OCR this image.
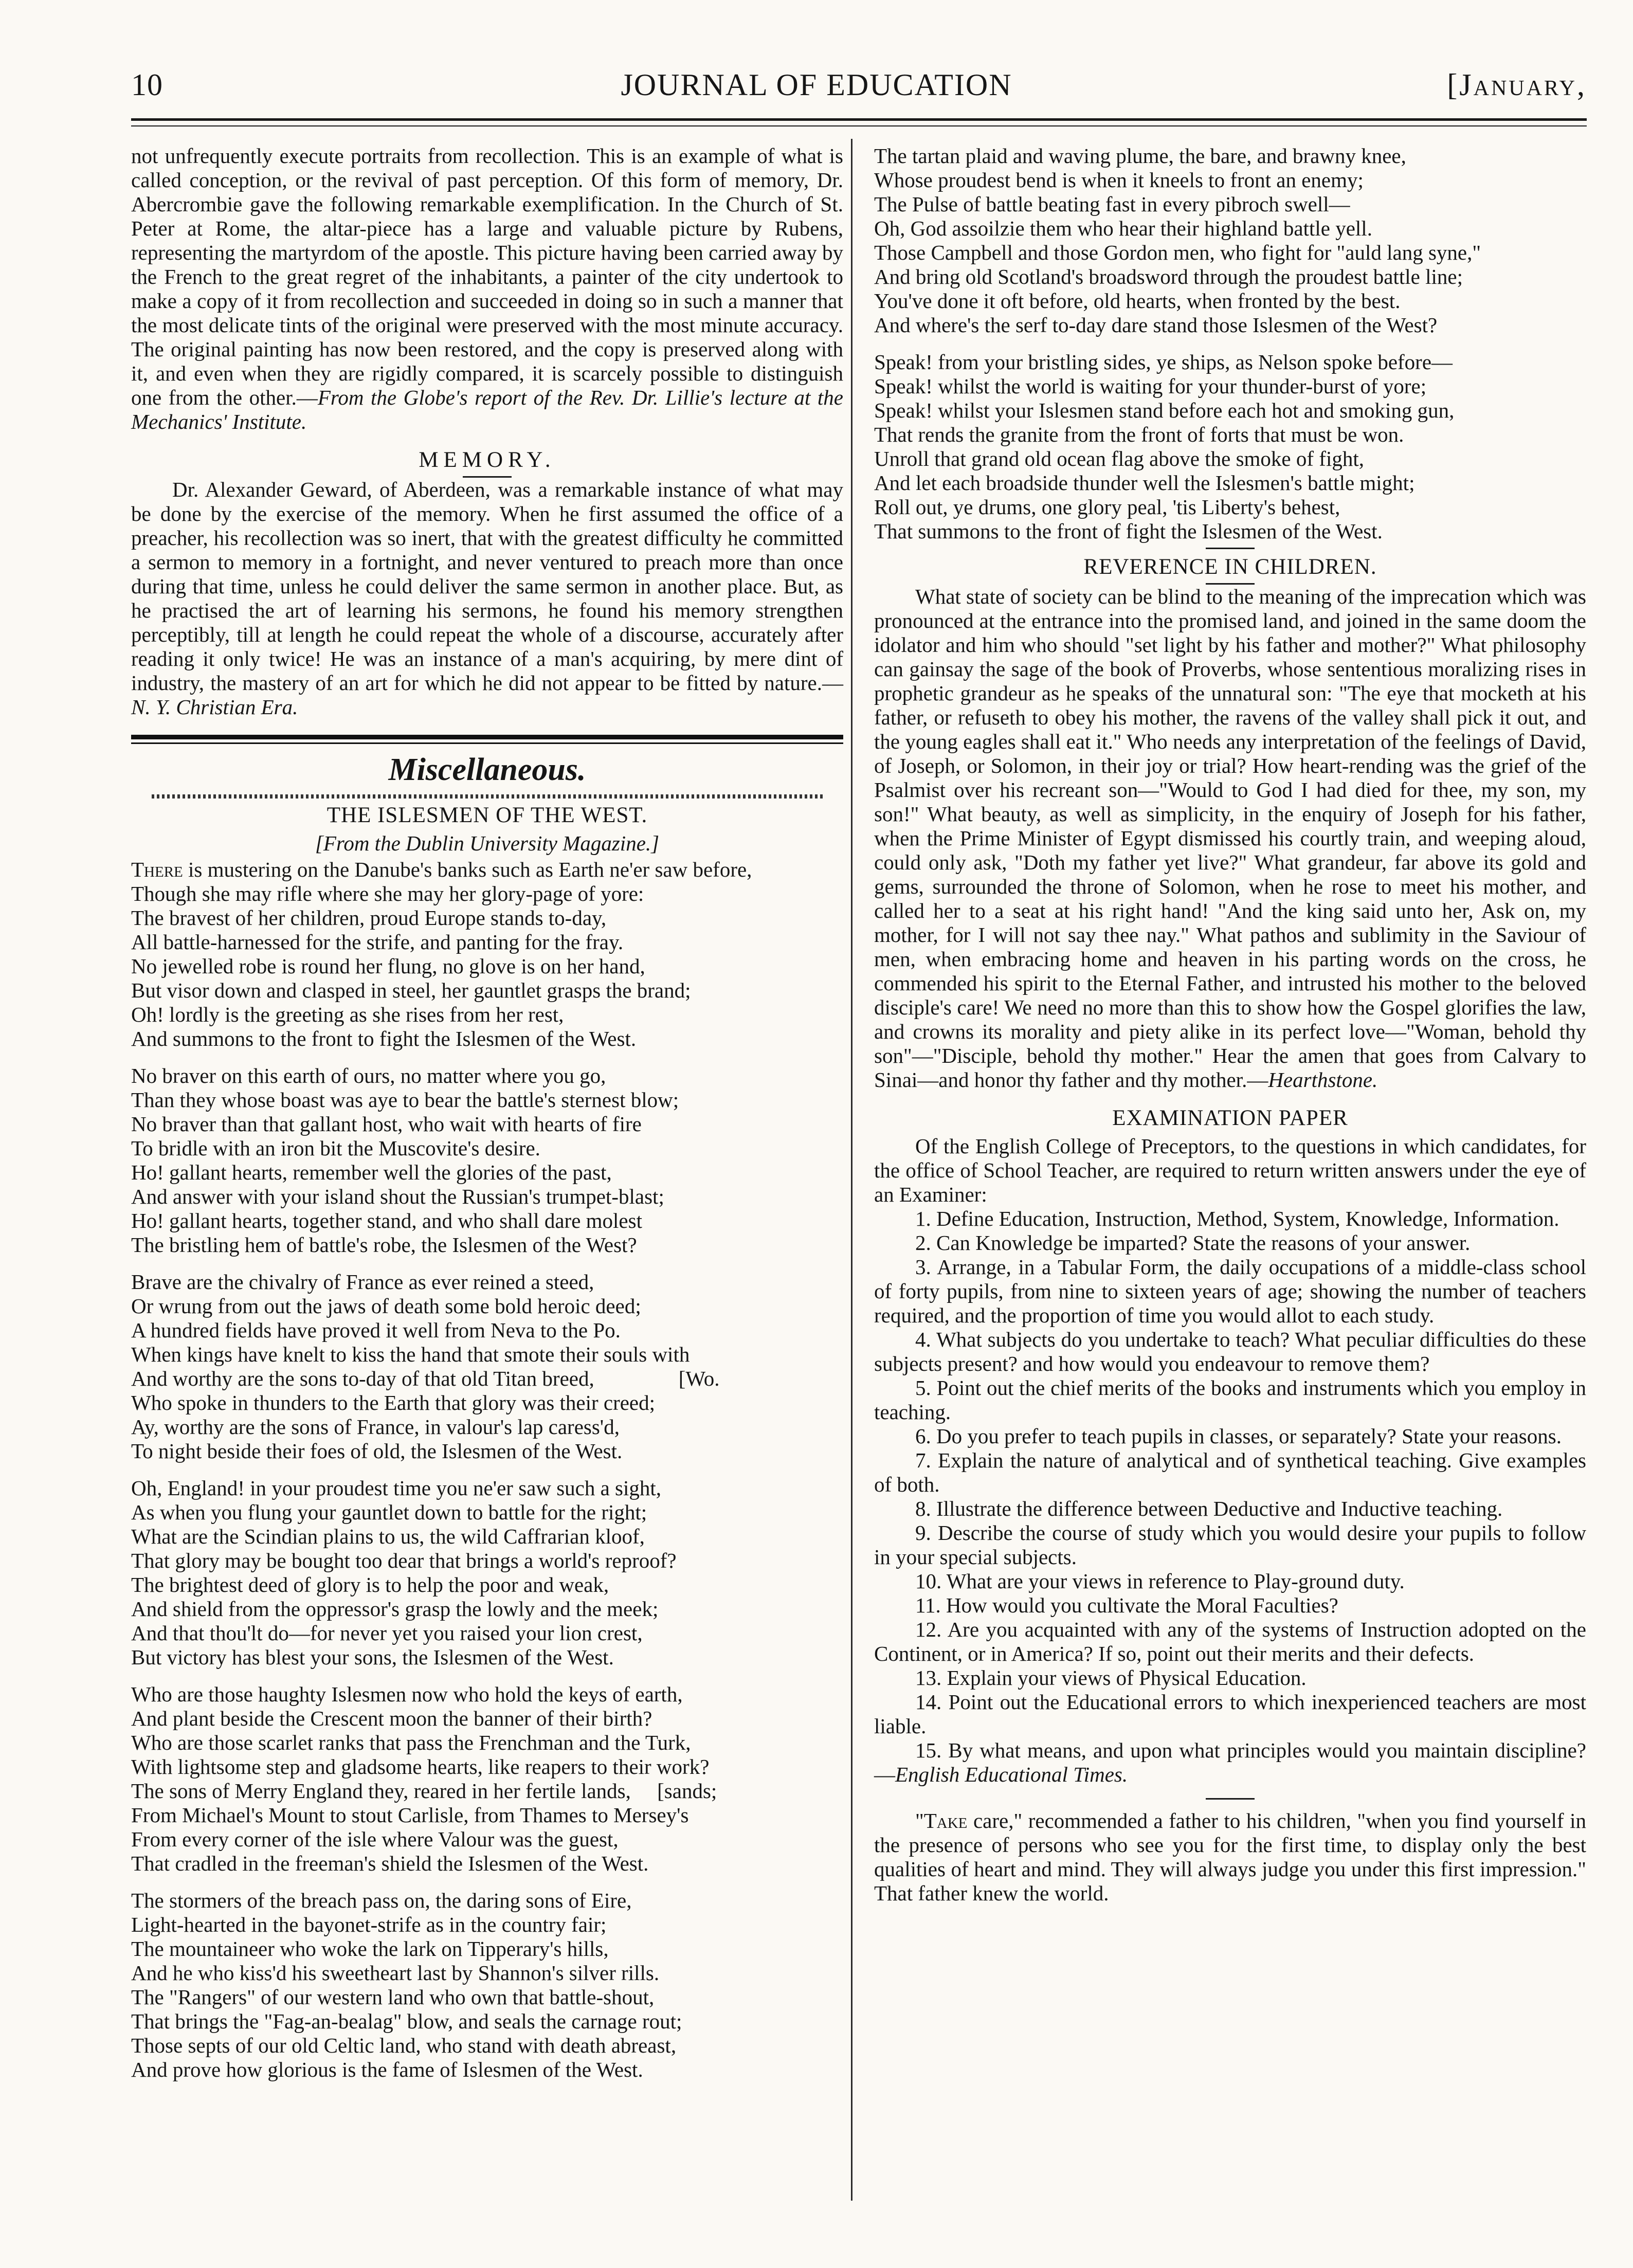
10	JOURNAL OF EDUCATION	[January,

not unfrequently execute portraits from recollection. This is an example of what is called conception, or the revival of past perception. Of this form of memory, Dr. Abercrombie gave the following remarkable exemplification. In the Church of St. Peter at Rome, the altar-piece has a large and valuable picture by Rubens, representing the martyrdom of the apostle. This picture having been carried away by the French to the great regret of the inhabitants, a painter of the city undertook to make a copy of it from recollection and succeeded in doing so in such a manner that the most delicate tints of the original were preserved with the most minute accuracy. The original painting has now been restored, and the copy is preserved along with it, and even when they are rigidly compared, it is scarcely possible to distinguish one from the other.—From the Globe's report of the Rev. Dr. Lillie's lecture at the Mechanics' Institute.

MEMORY.

Dr. Alexander Geward, of Aberdeen, was a remarkable instance of what may be done by the exercise of the memory. When he first assumed the office of a preacher, his recollection was so inert, that with the greatest difficulty he committed a sermon to memory in a fortnight, and never ventured to preach more than once during that time, unless he could deliver the same sermon in another place. But, as he practised the art of learning his sermons, he found his memory strengthen perceptibly, till at length he could repeat the whole of a discourse, accurately after reading it only twice! He was an instance of a man's acquiring, by mere dint of industry, the mastery of an art for which he did not appear to be fitted by nature.—N. Y. Christian Era.

Miscellaneous.
THE ISLESMEN OF THE WEST.
[From the Dublin University Magazine.]
There is mustering on the Danube's banks such as Earth ne'er saw before,
Though she may rifle where she may her glory-page of yore:
The bravest of her children, proud Europe stands to-day,
All battle-harnessed for the strife, and panting for the fray.
No jewelled robe is round her flung, no glove is on her hand,
But visor down and clasped in steel, her gauntlet grasps the brand;
Oh! lordly is the greeting as she rises from her rest,
And summons to the front to fight the Islesmen of the West.
No braver on this earth of ours, no matter where you go,
Than they whose boast was aye to bear the battle's sternest blow;
No braver than that gallant host, who wait with hearts of fire
To bridle with an iron bit the Muscovite's desire.
Ho! gallant hearts, remember well the glories of the past,
And answer with your island shout the Russian's trumpet-blast;
Ho! gallant hearts, together stand, and who shall dare molest
The bristling hem of battle's robe, the Islesmen of the West?
Brave are the chivalry of France as ever reined a steed,
Or wrung from out the jaws of death some bold heroic deed;
A hundred fields have proved it well from Neva to the Po.
When kings have knelt to kiss the hand that smote their souls with
And worthy are the sons to-day of that old Titan breed,                [Wo.
Who spoke in thunders to the Earth that glory was their creed;
Ay, worthy are the sons of France, in valour's lap caress'd,
To night beside their foes of old, the Islesmen of the West.
Oh, England! in your proudest time you ne'er saw such a sight,
As when you flung your gauntlet down to battle for the right;
What are the Scindian plains to us, the wild Caffrarian kloof,
That glory may be bought too dear that brings a world's reproof?
The brightest deed of glory is to help the poor and weak,
And shield from the oppressor's grasp the lowly and the meek;
And that thou'lt do—for never yet you raised your lion crest,
But victory has blest your sons, the Islesmen of the West.
Who are those haughty Islesmen now who hold the keys of earth,
And plant beside the Crescent moon the banner of their birth?
Who are those scarlet ranks that pass the Frenchman and the Turk,
With lightsome step and gladsome hearts, like reapers to their work?
The sons of Merry England they, reared in her fertile lands,     [sands;
From Michael's Mount to stout Carlisle, from Thames to Mersey's
From every corner of the isle where Valour was the guest,
That cradled in the freeman's shield the Islesmen of the West.
The stormers of the breach pass on, the daring sons of Eire,
Light-hearted in the bayonet-strife as in the country fair;
The mountaineer who woke the lark on Tipperary's hills,
And he who kiss'd his sweetheart last by Shannon's silver rills.
The "Rangers" of our western land who own that battle-shout,
That brings the "Fag-an-bealag" blow, and seals the carnage rout;
Those septs of our old Celtic land, who stand with death abreast,
And prove how glorious is the fame of Islesmen of the West.
The tartan plaid and waving plume, the bare, and brawny knee,
Whose proudest bend is when it kneels to front an enemy;
The Pulse of battle beating fast in every pibroch swell—
Oh, God assoilzie them who hear their highland battle yell.
Those Campbell and those Gordon men, who fight for "auld lang syne,"
And bring old Scotland's broadsword through the proudest battle line;
You've done it oft before, old hearts, when fronted by the best.
And where's the serf to-day dare stand those Islesmen of the West?
Speak! from your bristling sides, ye ships, as Nelson spoke before—
Speak! whilst the world is waiting for your thunder-burst of yore;
Speak! whilst your Islesmen stand before each hot and smoking gun,
That rends the granite from the front of forts that must be won.
Unroll that grand old ocean flag above the smoke of fight,
And let each broadside thunder well the Islesmen's battle might;
Roll out, ye drums, one glory peal, 'tis Liberty's behest,
That summons to the front of fight the Islesmen of the West.
REVERENCE IN CHILDREN.

What state of society can be blind to the meaning of the imprecation which was pronounced at the entrance into the promised land, and joined in the same doom the idolator and him who should "set light by his father and mother?" What philosophy can gainsay the sage of the book of Proverbs, whose sententious moralizing rises in prophetic grandeur as he speaks of the unnatural son: "The eye that mocketh at his father, or refuseth to obey his mother, the ravens of the valley shall pick it out, and the young eagles shall eat it." Who needs any interpretation of the feelings of David, of Joseph, or Solomon, in their joy or trial? How heart-rending was the grief of the Psalmist over his recreant son—"Would to God I had died for thee, my son, my son!" What beauty, as well as simplicity, in the enquiry of Joseph for his father, when the Prime Minister of Egypt dismissed his courtly train, and weeping aloud, could only ask, "Doth my father yet live?" What grandeur, far above its gold and gems, surrounded the throne of Solomon, when he rose to meet his mother, and called her to a seat at his right hand! "And the king said unto her, Ask on, my mother, for I will not say thee nay." What pathos and sublimity in the Saviour of men, when embracing home and heaven in his parting words on the cross, he commended his spirit to the Eternal Father, and intrusted his mother to the beloved disciple's care! We need no more than this to show how the Gospel glorifies the law, and crowns its morality and piety alike in its perfect love—"Woman, behold thy son"—"Disciple, behold thy mother." Hear the amen that goes from Calvary to Sinai—and honor thy father and thy mother.—Hearthstone.

EXAMINATION PAPER

Of the English College of Preceptors, to the questions in which candidates, for the office of School Teacher, are required to return written answers under the eye of an Examiner:

1. Define Education, Instruction, Method, System, Knowledge, Information.

2. Can Knowledge be imparted? State the reasons of your answer.

3. Arrange, in a Tabular Form, the daily occupations of a middle-class school of forty pupils, from nine to sixteen years of age; showing the number of teachers required, and the proportion of time you would allot to each study.

4. What subjects do you undertake to teach? What peculiar difficulties do these subjects present? and how would you endeavour to remove them?

5. Point out the chief merits of the books and instruments which you employ in teaching.

6. Do you prefer to teach pupils in classes, or separately? State your reasons.

7. Explain the nature of analytical and of synthetical teaching. Give examples of both.

8. Illustrate the difference between Deductive and Inductive teaching.

9. Describe the course of study which you would desire your pupils to follow in your special subjects.

10. What are your views in reference to Play-ground duty.

11. How would you cultivate the Moral Faculties?

12. Are you acquainted with any of the systems of Instruction adopted on the Continent, or in America? If so, point out their merits and their defects.

13. Explain your views of Physical Education.

14. Point out the Educational errors to which inexperienced teachers are most liable.

15. By what means, and upon what principles would you maintain discipline?—English Educational Times.

"Take care," recommended a father to his children, "when you find yourself in the presence of persons who see you for the first time, to display only the best qualities of heart and mind. They will always judge you under this first impression." That father knew the world.
